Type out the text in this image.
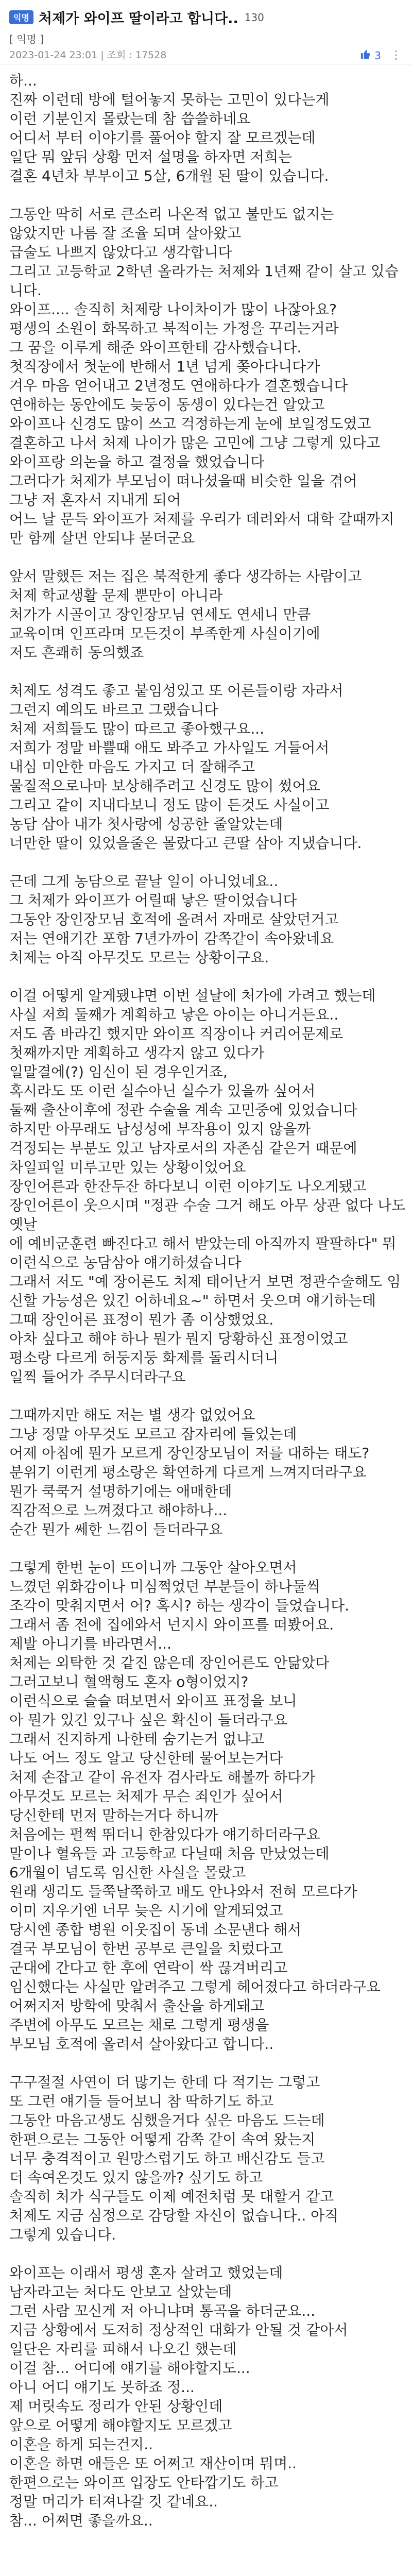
익명 처제가 와이프 딸이라고 합니다.. 130
[ 익명 ]
2023-01-24 23:01 | 조회 : 17528	3 ⋮

하...
진짜 이런데 방에 털어놓지 못하는 고민이 있다는게
이런 기분인지 몰랐는데 참 씁쓸하네요
어디서 부터 이야기를 풀어야 할지 잘 모르겠는데
일단 뭐 앞뒤 상황 먼저 설명을 하자면 저희는
결혼 4년차 부부이고 5살, 6개월 된 딸이 있습니다.

그동안 딱히 서로 큰소리 나온적 없고 불만도 없지는
않았지만 나름 잘 조율 되며 살아왔고
급술도 나쁘지 않았다고 생각합니다
그리고 고등학교 2학년 올라가는 처제와 1년째 같이 살고 있습니다.
와이프.... 솔직히 처제랑 나이차이가 많이 나잖아요?
평생의 소원이 화목하고 북적이는 가정을 꾸리는거라
그 꿈을 이루게 해준 와이프한테 감사했습니다.
첫직장에서 첫눈에 반해서 1년 넘게 쫒아다니다가
겨우 마음 얻어내고 2년정도 연애하다가 결혼했습니다
연애하는 동안에도 늦둥이 동생이 있다는건 알았고
와이프나 신경도 많이 쓰고 걱정하는게 눈에 보일정도였고
결혼하고 나서 처제 나이가 많은 고민에 그냥 그렇게 있다고
와이프랑 의논을 하고 결정을 했었습니다
그러다가 처제가 부모님이 떠나셨을때 비슷한 일을 겪어
그냥 저 혼자서 지내게 되어
어느 날 문득 와이프가 처제를 우리가 데려와서 대학 갈때까지만 함께 살면 안되냐 묻더군요

앞서 말했든 저는 집은 북적한게 좋다 생각하는 사람이고
처제 학교생활 문제 뿐만이 아니라
처가가 시골이고 장인장모님 연세도 연세니 만큼
교육이며 인프라며 모든것이 부족한게 사실이기에
저도 흔쾌히 동의했죠

처제도 성격도 좋고 붙임성있고 또 어른들이랑 자라서
그런지 예의도 바르고 그랬습니다
처제 저희들도 많이 따르고 좋아했구요...
저희가 정말 바쁠때 애도 봐주고 가사일도 거들어서
내심 미안한 마음도 가지고 더 잘해주고
물질적으로나마 보상해주려고 신경도 많이 썼어요
그리고 같이 지내다보니 정도 많이 든것도 사실이고
농담 삼아 내가 첫사랑에 성공한 줄알았는데
너만한 딸이 있었을줄은 몰랐다고 큰딸 삼아 지냈습니다.

근데 그게 농담으로 끝날 일이 아니었네요..
그 처제가 와이프가 어릴때 낳은 딸이었습니다
그동안 장인장모님 호적에 올려서 자매로 살았던거고
저는 연애기간 포함 7년가까이 감쪽같이 속아왔네요
처제는 아직 아무것도 모르는 상황이구요.

이걸 어떻게 알게됐냐면 이번 설날에 처가에 가려고 했는데
사실 저희 둘째가 계획하고 낳은 아이는 아니거든요..
저도 좀 바라긴 했지만 와이프 직장이나 커리어문제로
첫째까지만 계획하고 생각지 않고 있다가
일말결에(?) 임신이 된 경우인거죠,
혹시라도 또 이런 실수아닌 실수가 있을까 싶어서
둘째 출산이후에 정관 수술을 계속 고민중에 있었습니다
하지만 아무래도 남성성에 부작용이 있지 않을까
걱정되는 부분도 있고 남자로서의 자존심 같은거 때문에
차일피일 미루고만 있는 상황이었어요
장인어른과 한잔두잔 하다보니 이런 이야기도 나오게됐고
장인어른이 웃으시며 "정관 수술 그거 해도 아무 상관 없다 나도 옛날
에 예비군훈련 빠진다고 해서 받았는데 아직까지 팔팔하다" 뭐 이런식으로 농담삼아 얘기하셨습니다
그래서 저도 "예 장어른도 처제 태어난거 보면 정관수술해도 임신할 가능성은 있긴 어하네요~" 하면서 웃으며 얘기하는데
그때 장인어른 표정이 뭔가 좀 이상했었요.
아차 싶다고 해야 하나 뭔가 뭔지 당황하신 표정이었고
평소랑 다르게 허둥지둥 화제를 돌리시더니
일찍 들어가 주무시더라구요

그때까지만 해도 저는 별 생각 없었어요
그냥 정말 아무것도 모르고 잠자리에 들었는데
어제 아침에 뭔가 모르게 장인장모님이 저를 대하는 태도?
분위기 이런게 평소랑은 확연하게 다르게 느껴지더라구요
뭔가 쿡쿡거 설명하기에는 애매한데
직감적으로 느껴졌다고 해야하나...
순간 뭔가 쎄한 느낌이 들더라구요

그렇게 한번 눈이 뜨이니까 그동안 살아오면서
느꼈던 위화감이나 미심쩍었던 부분들이 하나둘씩
조각이 맞춰지면서 어? 혹시? 하는 생각이 들었습니다.
그래서 좀 전에 집에와서 넌지시 와이프를 떠봤어요.
제발 아니기를 바라면서...
처제는 외탁한 것 같진 않은데 장인어른도 안닮았다
그러고보니 혈액형도 혼자 o형이었지?
이런식으로 슬슬 떠보면서 와이프 표정을 보니
아 뭔가 있긴 있구나 싶은 확신이 들더라구요
그래서 진지하게 나한테 숨기는거 없냐고
나도 어느 정도 알고 당신한테 물어보는거다
처제 손잡고 같이 유전자 검사라도 해볼까 하다가
아무것도 모르는 처제가 무슨 죄인가 싶어서
당신한테 먼저 말하는거다 하니까
처음에는 펄쩍 뛰더니 한참있다가 얘기하더라구요
말이나 혈육들 과 고등학교 다닐때 처음 만났었는데
6개월이 넘도록 임신한 사실을 몰랐고
원래 생리도 들쭉날쭉하고 배도 안나와서 전혀 모르다가
이미 지우기엔 너무 늦은 시기에 알게되었고
당시엔 종합 병원 이웃집이 동네 소문낸다 해서
결국 부모님이 한번 공부로 큰일을 치렀다고
군대에 간다고 한 후에 연락이 싹 끊겨버리고
임신했다는 사실만 알려주고 그렇게 헤어졌다고 하더라구요
어쩌지저 방학에 맞춰서 출산을 하게돼고
주변에 아무도 모르는 채로 그렇게 평생을
부모님 호적에 올려서 살아왔다고 합니다..

구구절절 사연이 더 많기는 한데 다 적기는 그렇고
또 그런 얘기들 들어보니 참 딱하기도 하고
그동안 마음고생도 심했을거다 싶은 마음도 드는데
한편으로는 그동안 어떻게 감쪽 같이 속여 왔는지
너무 충격적이고 원망스럽기도 하고 배신감도 들고
더 속여온것도 있지 않을까? 싶기도 하고
솔직히 처가 식구들도 이제 예전처럼 못 대할거 같고
처제도 지금 심정으로 감당할 자신이 없습니다.. 아직
그렇게 있습니다.

와이프는 이래서 평생 혼자 살려고 했었는데
남자라고는 처다도 안보고 살았는데
그런 사람 꼬신게 저 아니냐며 통곡을 하더군요...
지금 상황에서 도저히 정상적인 대화가 안될 것 같아서
일단은 자리를 피해서 나오긴 했는데
이걸 참... 어디에 얘기를 해야할지도...
아니 어디 얘기도 못하죠 정...
제 머릿속도 정리가 안된 상황인데
앞으로 어떻게 해야할지도 모르겠고
이혼을 하게 되는건지..
이혼을 하면 애들은 또 어쩌고 재산이며 뭐며..
한편으로는 와이프 입장도 안타깝기도 하고
정말 머리가 터져나갈 것 같네요..
참... 어쩌면 좋을까요..
